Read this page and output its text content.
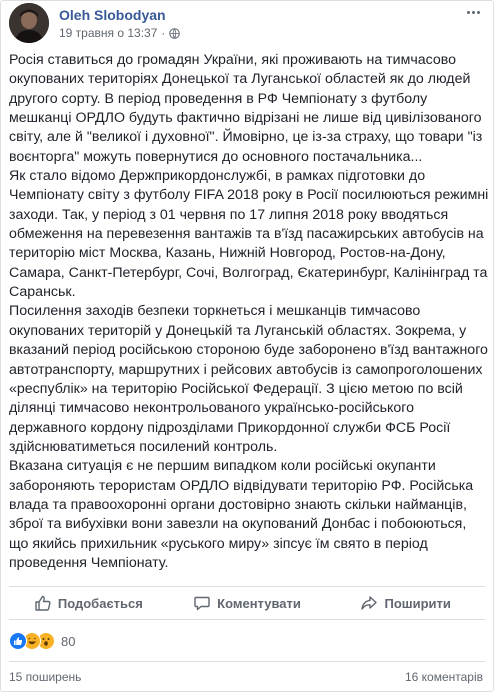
Oleh Slobodyan
19 травня о 13:37 ·

Росія ставиться до громадян України, які проживають на тимчасово окупованих територіях Донецької та Луганської областей як до людей другого сорту. В період проведення в РФ Чемпіонату з футболу мешканці ОРДЛО будуть фактично відрізані не лише від цивілізованого світу, але й "великої і духовної". Ймовірно, це із-за страху, що товари "із воєнторга" можуть повернутися до основного постачальника...

Як стало відомо Держприкордонслужбі, в рамках підготовки до Чемпіонату світу з футболу FIFA 2018 року в Росії посилюються режимні заходи. Так, у період з 01 червня по 17 липня 2018 року вводяться обмеження на перевезення вантажів та в'їзд пасажирських автобусів на територію міст Москва, Казань, Нижній Новгород, Ростов-на-Дону, Самара, Санкт-Петербург, Сочі, Волгоград, Єкатеринбург, Калінінград та Саранськ.

Посилення заходів безпеки торкнеться і мешканців тимчасово окупованих територій у Донецькій та Луганській областях. Зокрема, у вказаний період російською стороною буде заборонено в'їзд вантажного автотранспорту, маршрутних і рейсових автобусів із самопроголошених «республік» на територію Російської Федерації. З цією метою по всій ділянці тимчасово неконтрольованого українсько-російського державного кордону підрозділами Прикордонної служби ФСБ Росії здійснюватиметься посилений контроль.

Вказана ситуація є не першим випадком коли російські окупанти забороняють терористам ОРДЛО відвідувати територію РФ. Російська влада та правоохоронні органи достовірно знають скільки найманців, зброї та вибухівки вони завезли на окупований Донбас і побоюються, що якийсь прихильник «руського миру» зіпсує їм свято в період проведення Чемпіонату.

Подобається	Коментувати	Поширити
80
15 поширень	16 коментарів
